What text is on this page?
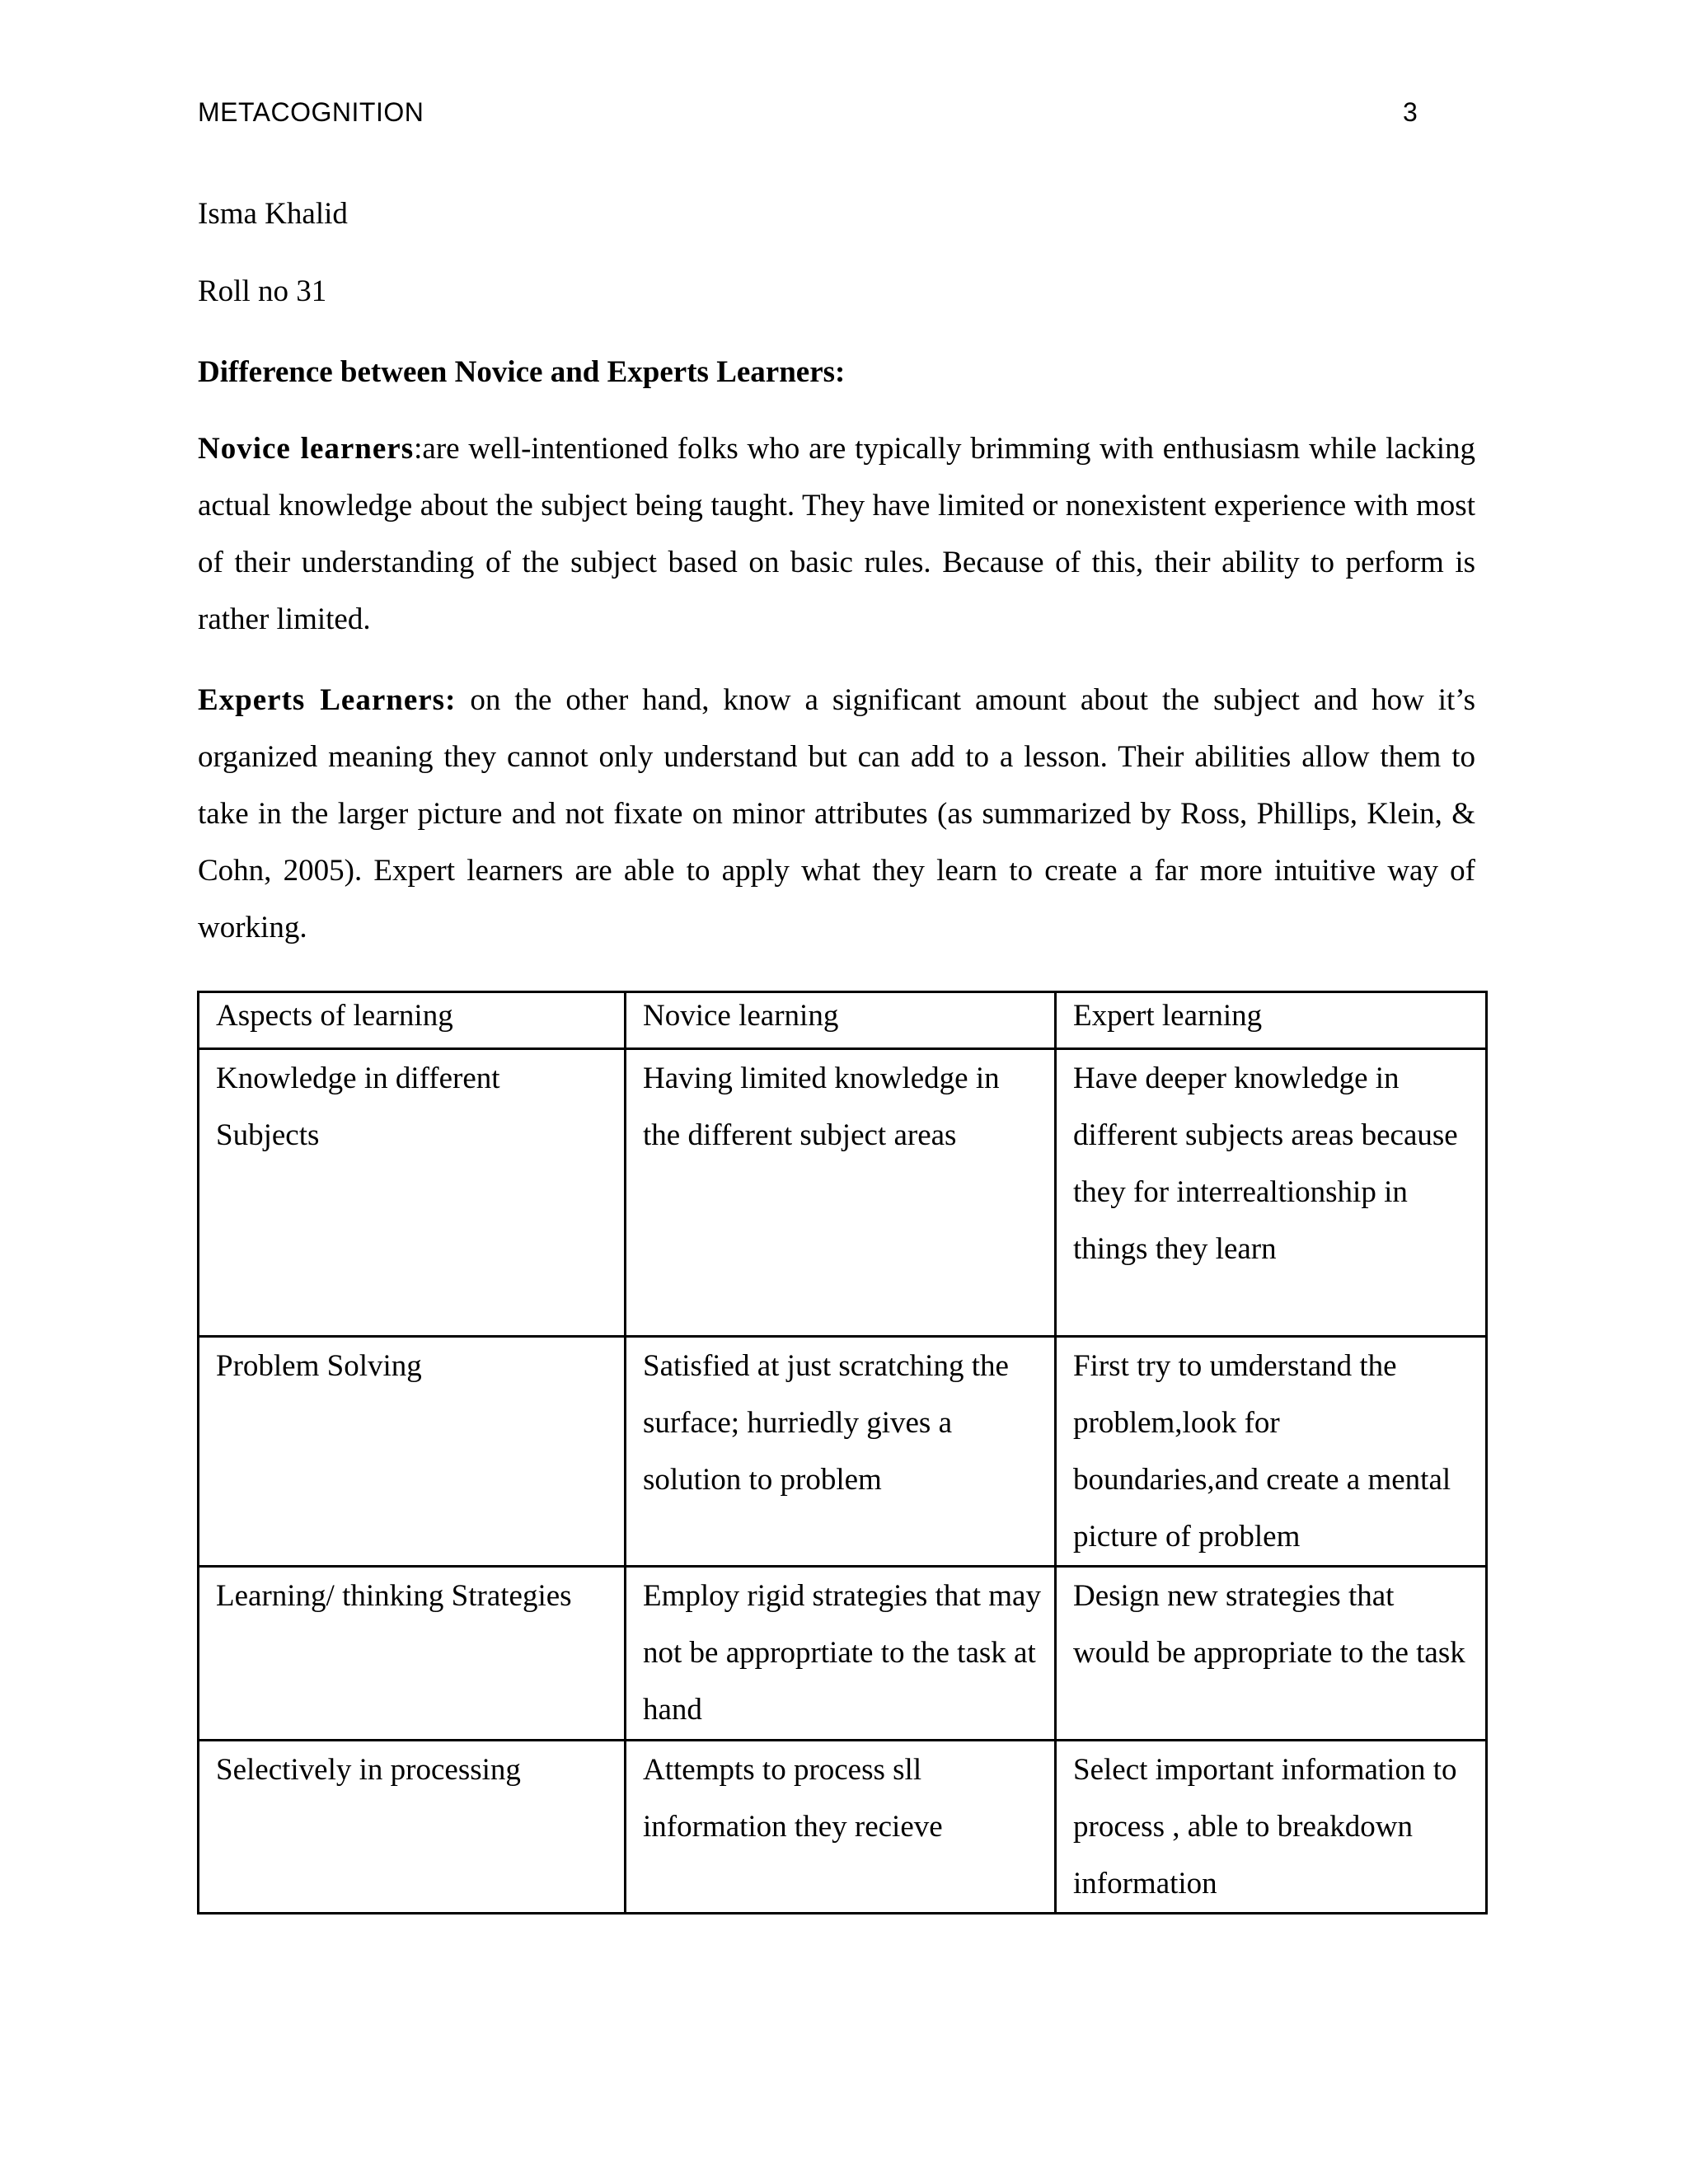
METACOGNITION	3
Isma Khalid
Roll no 31
Difference between Novice and Experts Learners:

Novice learners:are well-intentioned folks who are typically brimming with enthusiasm while lacking actual knowledge about the subject being taught. They have limited or nonexistent experience with most of their understanding of the subject based on basic rules. Because of this, their ability to perform is rather limited.

Experts Learners: on the other hand, know a significant amount about the subject and how it’s organized meaning they cannot only understand but can add to a lesson. Their abilities allow them to take in the larger picture and not fixate on minor attributes (as summarized by Ross, Phillips, Klein, & Cohn, 2005). Expert learners are able to apply what they learn to create a far more intuitive way of working.

Aspects of learning	Novice learning	Expert learning
Knowledge in different Subjects	Having limited knowledge in the different subject areas	Have deeper knowledge in different subjects areas because they for interrealtionship in things they learn
Problem Solving	Satisfied at just scratching the surface; hurriedly gives a solution to problem	First try to umderstand the problem,look for boundaries,and create a mental picture of problem
Learning/ thinking Strategies	Employ rigid strategies that may not be approprtiate to the task at hand	Design new strategies that would be appropriate to the task
Selectively in processing	Attempts to process sll information they recieve	Select important information to process , able to breakdown information
